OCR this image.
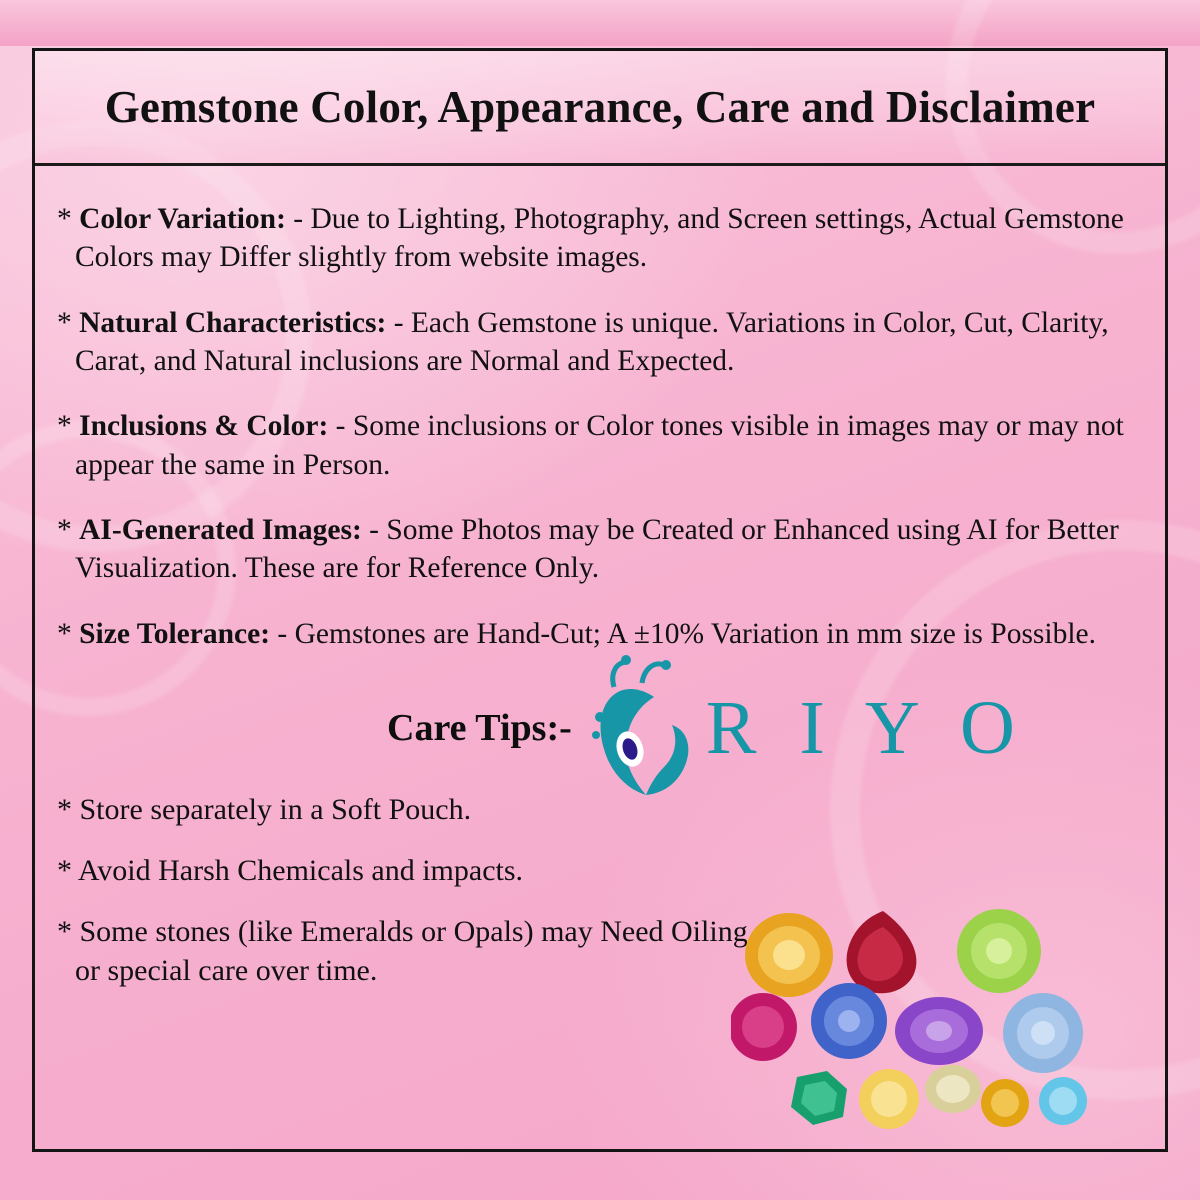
Gemstone Color, Appearance, Care and Disclaimer
* Color Variation: - Due to Lighting, Photography, and Screen settings, Actual Gemstone Colors may Differ slightly from website images.
* Natural Characteristics: - Each Gemstone is unique. Variations in Color, Cut, Clarity, Carat, and Natural inclusions are Normal and Expected.
* Inclusions & Color: - Some inclusions or Color tones visible in images may or may not appear the same in Person.
* AI-Generated Images: - Some Photos may be Created or Enhanced using AI for Better Visualization. These are for Reference Only.
* Size Tolerance: - Gemstones are Hand-Cut; A ±10% Variation in mm size is Possible.
Care Tips:- R I Y O
* Store separately in a Soft Pouch.
* Avoid Harsh Chemicals and impacts.
* Some stones (like Emeralds or Opals) may Need Oiling or special care over time.
